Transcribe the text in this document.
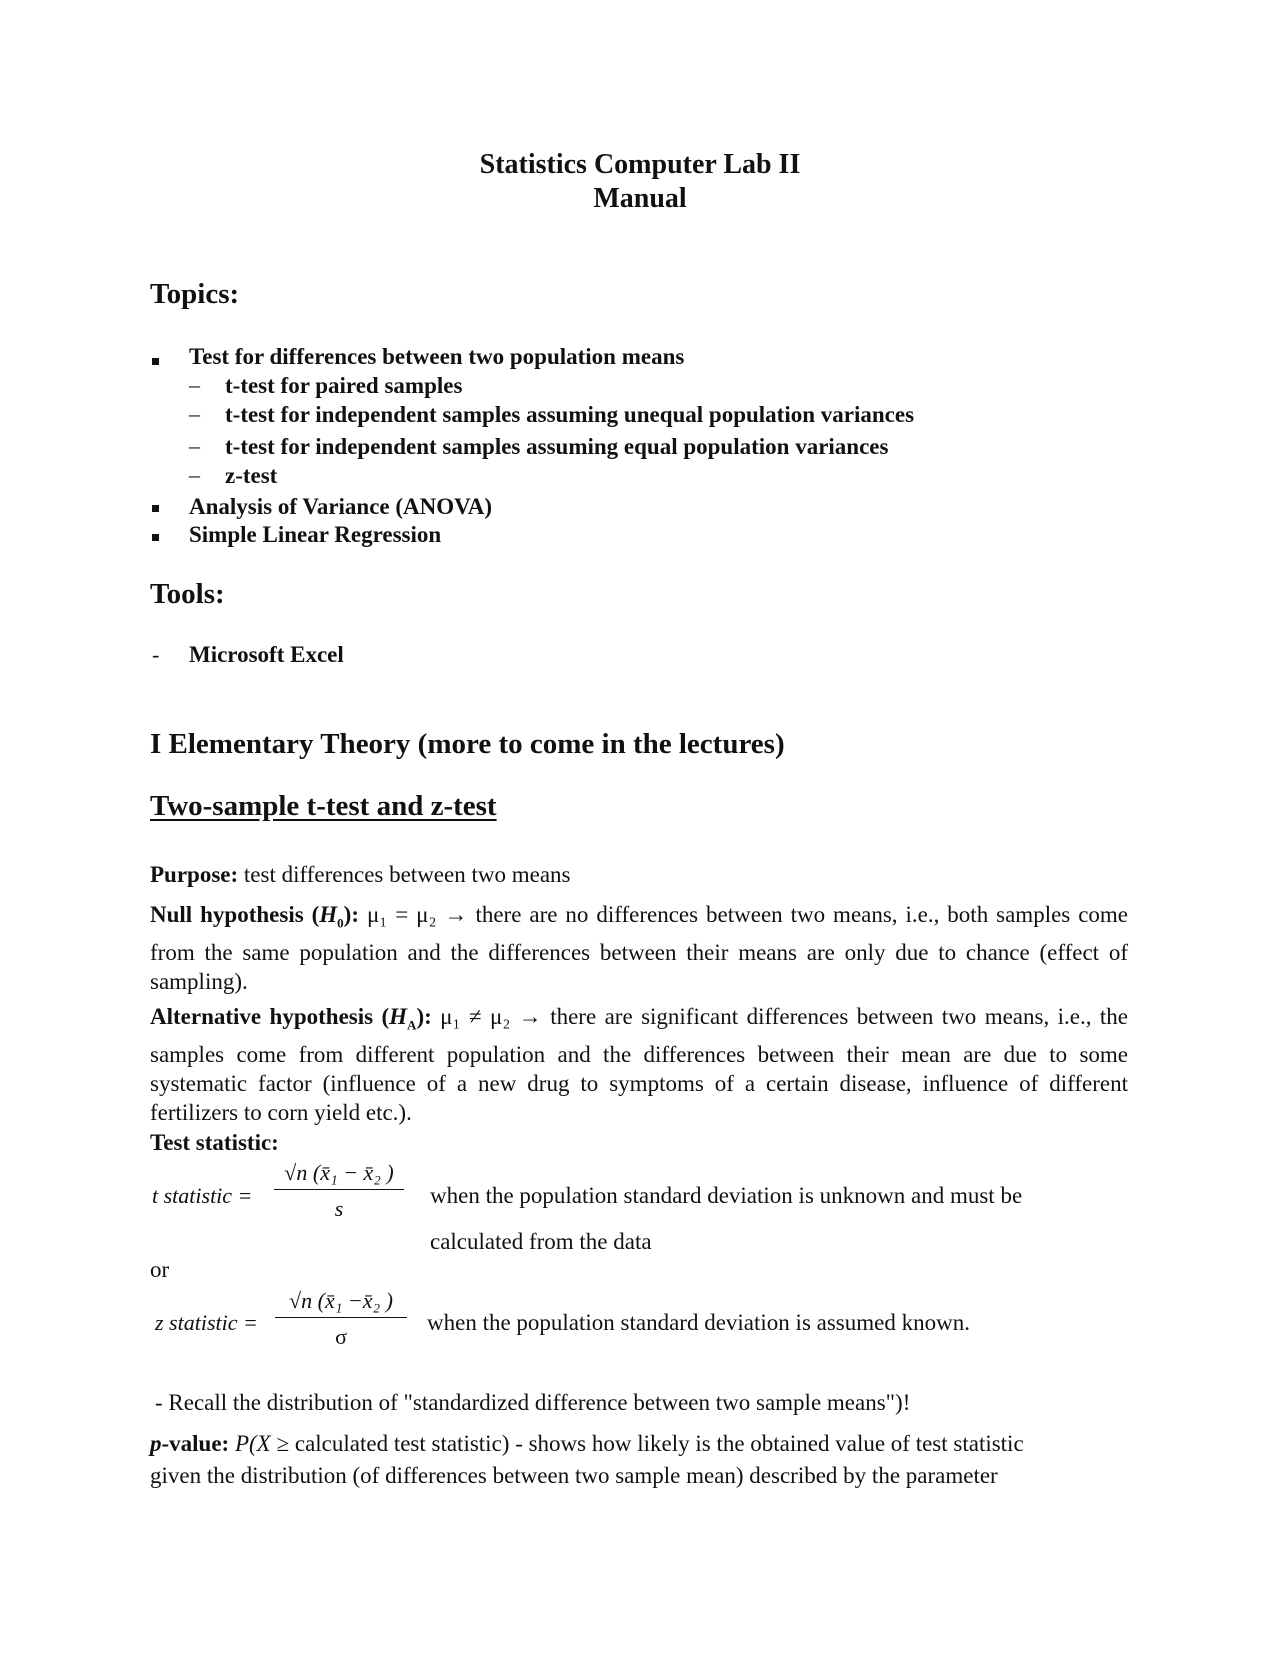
Statistics Computer Lab II
Manual
Topics:
Test for differences between two population means
– t-test for paired samples
– t-test for independent samples assuming unequal population variances
– t-test for independent samples assuming equal population variances
– z-test
Analysis of Variance (ANOVA)
Simple Linear Regression
Tools:
- Microsoft Excel
I Elementary Theory (more to come in the lectures)
Two-sample t-test and z-test
Purpose: test differences between two means
Null hypothesis $(H_0)$: μ₁ = μ₂ → there are no differences between two means, i.e., both samples come from the same population and the differences between their means are only due to chance (effect of sampling).
Alternative hypothesis $(H_A)$: μ₁ ≠ μ₂ → there are significant differences between two means, i.e., the samples come from different population and the differences between their mean are due to some systematic factor (influence of a new drug to symptoms of a certain disease, influence of different fertilizers to corn yield etc.).
Test statistic:
t statistic = $\frac{\text{√n (x̄₁ − x̄₂ )}}{s}$ when the population standard deviation is unknown and must be
calculated from the data
or
z statistic = $\frac{\text{√n (x̄₁ −x̄₂ )}}{\sigma}$ when the population standard deviation is assumed known.
- Recall the distribution of "standardized difference between two sample means")!
p-value: P(X ≥ calculated test statistic) - shows how likely is the obtained value of test statistic
given the distribution (of differences between two sample mean) described by the parameter
